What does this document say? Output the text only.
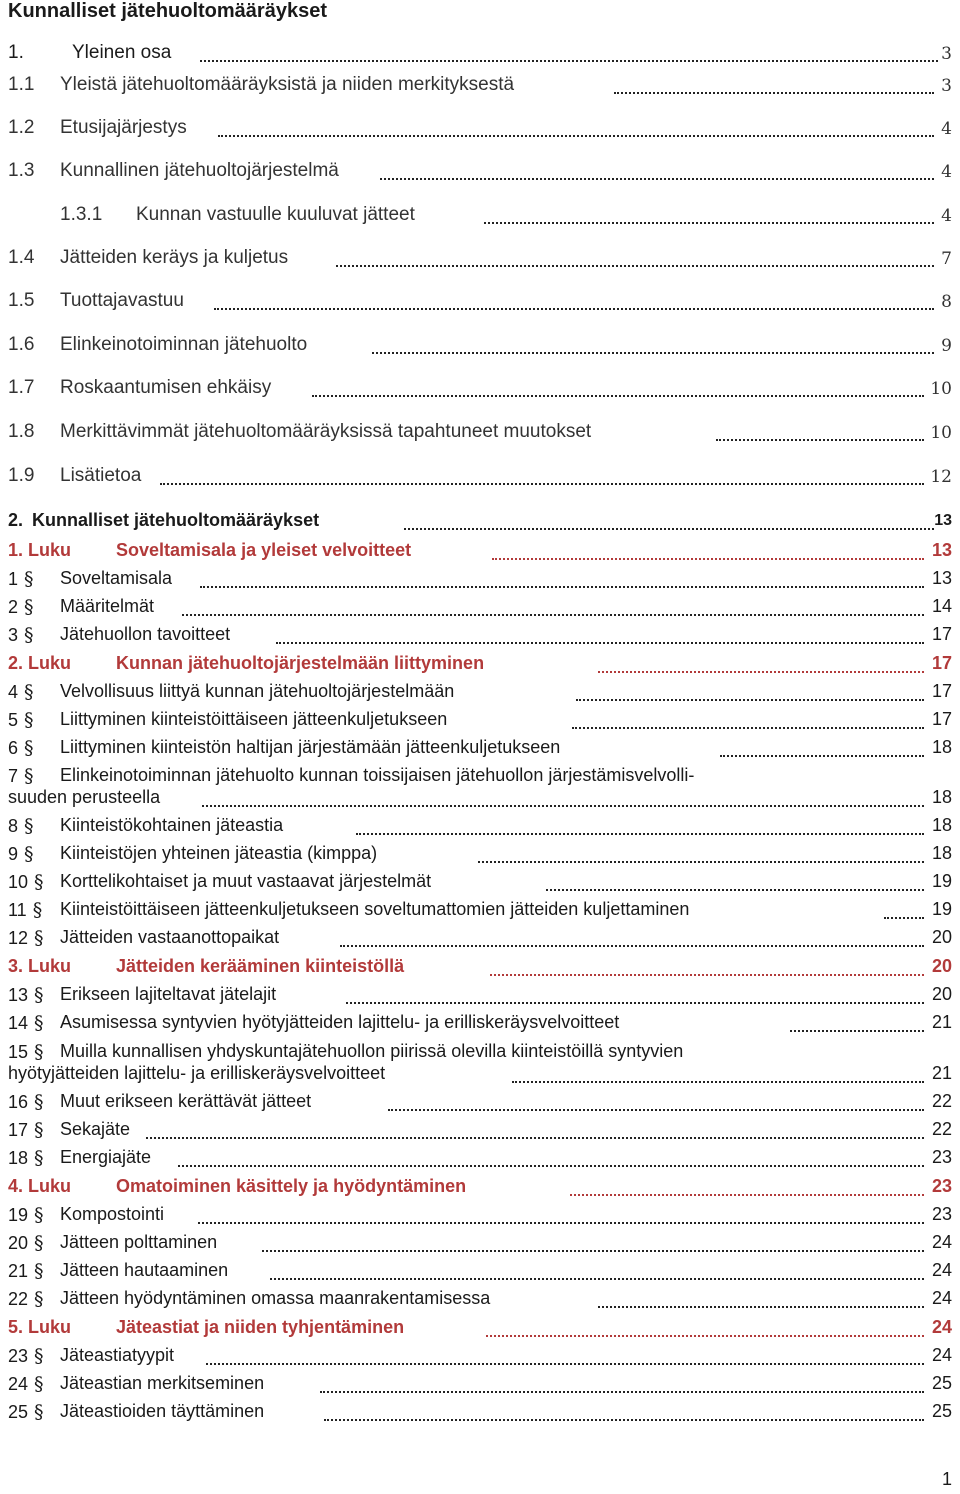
Kunnalliset jätehuoltomääräykset
1.	Yleinen osa	3
1.1 Yleistä jätehuoltomääräyksistä ja niiden merkityksestä	3
1.2 Etusijajärjestys	4
1.3 Kunnallinen jätehuoltojärjestelmä	4
1.3.1 Kunnan vastuulle kuuluvat jätteet	4
1.4 Jätteiden keräys ja kuljetus	7
1.5 Tuottajavastuu	8
1.6 Elinkeinotoiminnan jätehuolto	9
1.7 Roskaantumisen ehkäisy	10
1.8 Merkittävimmät jätehuoltomääräyksissä tapahtuneet muutokset	10
1.9 Lisätietoa	12
2. Kunnalliset jätehuoltomääräykset	13
1. Luku Soveltamisala ja yleiset velvoitteet	13
1 § Soveltamisala	13
2 § Määritelmät	14
3 § Jätehuollon tavoitteet	17
2. Luku Kunnan jätehuoltojärjestelmään liittyminen	17
4 § Velvollisuus liittyä kunnan jätehuoltojärjestelmään	17
5 § Liittyminen kiinteistöittäiseen jätteenkuljetukseen	17
6 § Liittyminen kiinteistön haltijan järjestämään jätteenkuljetukseen	18
7 § Elinkeinotoiminnan jätehuolto kunnan toissijaisen jätehuollon järjestämisvelvolli-
suuden perusteella	18
8 § Kiinteistökohtainen jäteastia	18
9 § Kiinteistöjen yhteinen jäteastia (kimppa)	18
10 § Korttelikohtaiset ja muut vastaavat järjestelmät	19
11 § Kiinteistöittäiseen jätteenkuljetukseen soveltumattomien jätteiden kuljettaminen	19
12 § Jätteiden vastaanottopaikat	20
3. Luku Jätteiden kerääminen kiinteistöllä	20
13 § Erikseen lajiteltavat jätelajit	20
14 § Asumisessa syntyvien hyötyjätteiden lajittelu- ja erilliskeräysvelvoitteet	21
15 § Muilla kunnallisen yhdyskuntajätehuollon piirissä olevilla kiinteistöillä syntyvien
hyötyjätteiden lajittelu- ja erilliskeräysvelvoitteet	21
16 § Muut erikseen kerättävät jätteet	22
17 § Sekajäte	22
18 § Energiajäte	23
4. Luku Omatoiminen käsittely ja hyödyntäminen	23
19 § Kompostointi	23
20 § Jätteen polttaminen	24
21 § Jätteen hautaaminen	24
22 § Jätteen hyödyntäminen omassa maanrakentamisessa	24
5. Luku Jäteastiat ja niiden tyhjentäminen	24
23 § Jäteastiatyypit	24
24 § Jäteastian merkitseminen	25
25 § Jäteastioiden täyttäminen	25
1
